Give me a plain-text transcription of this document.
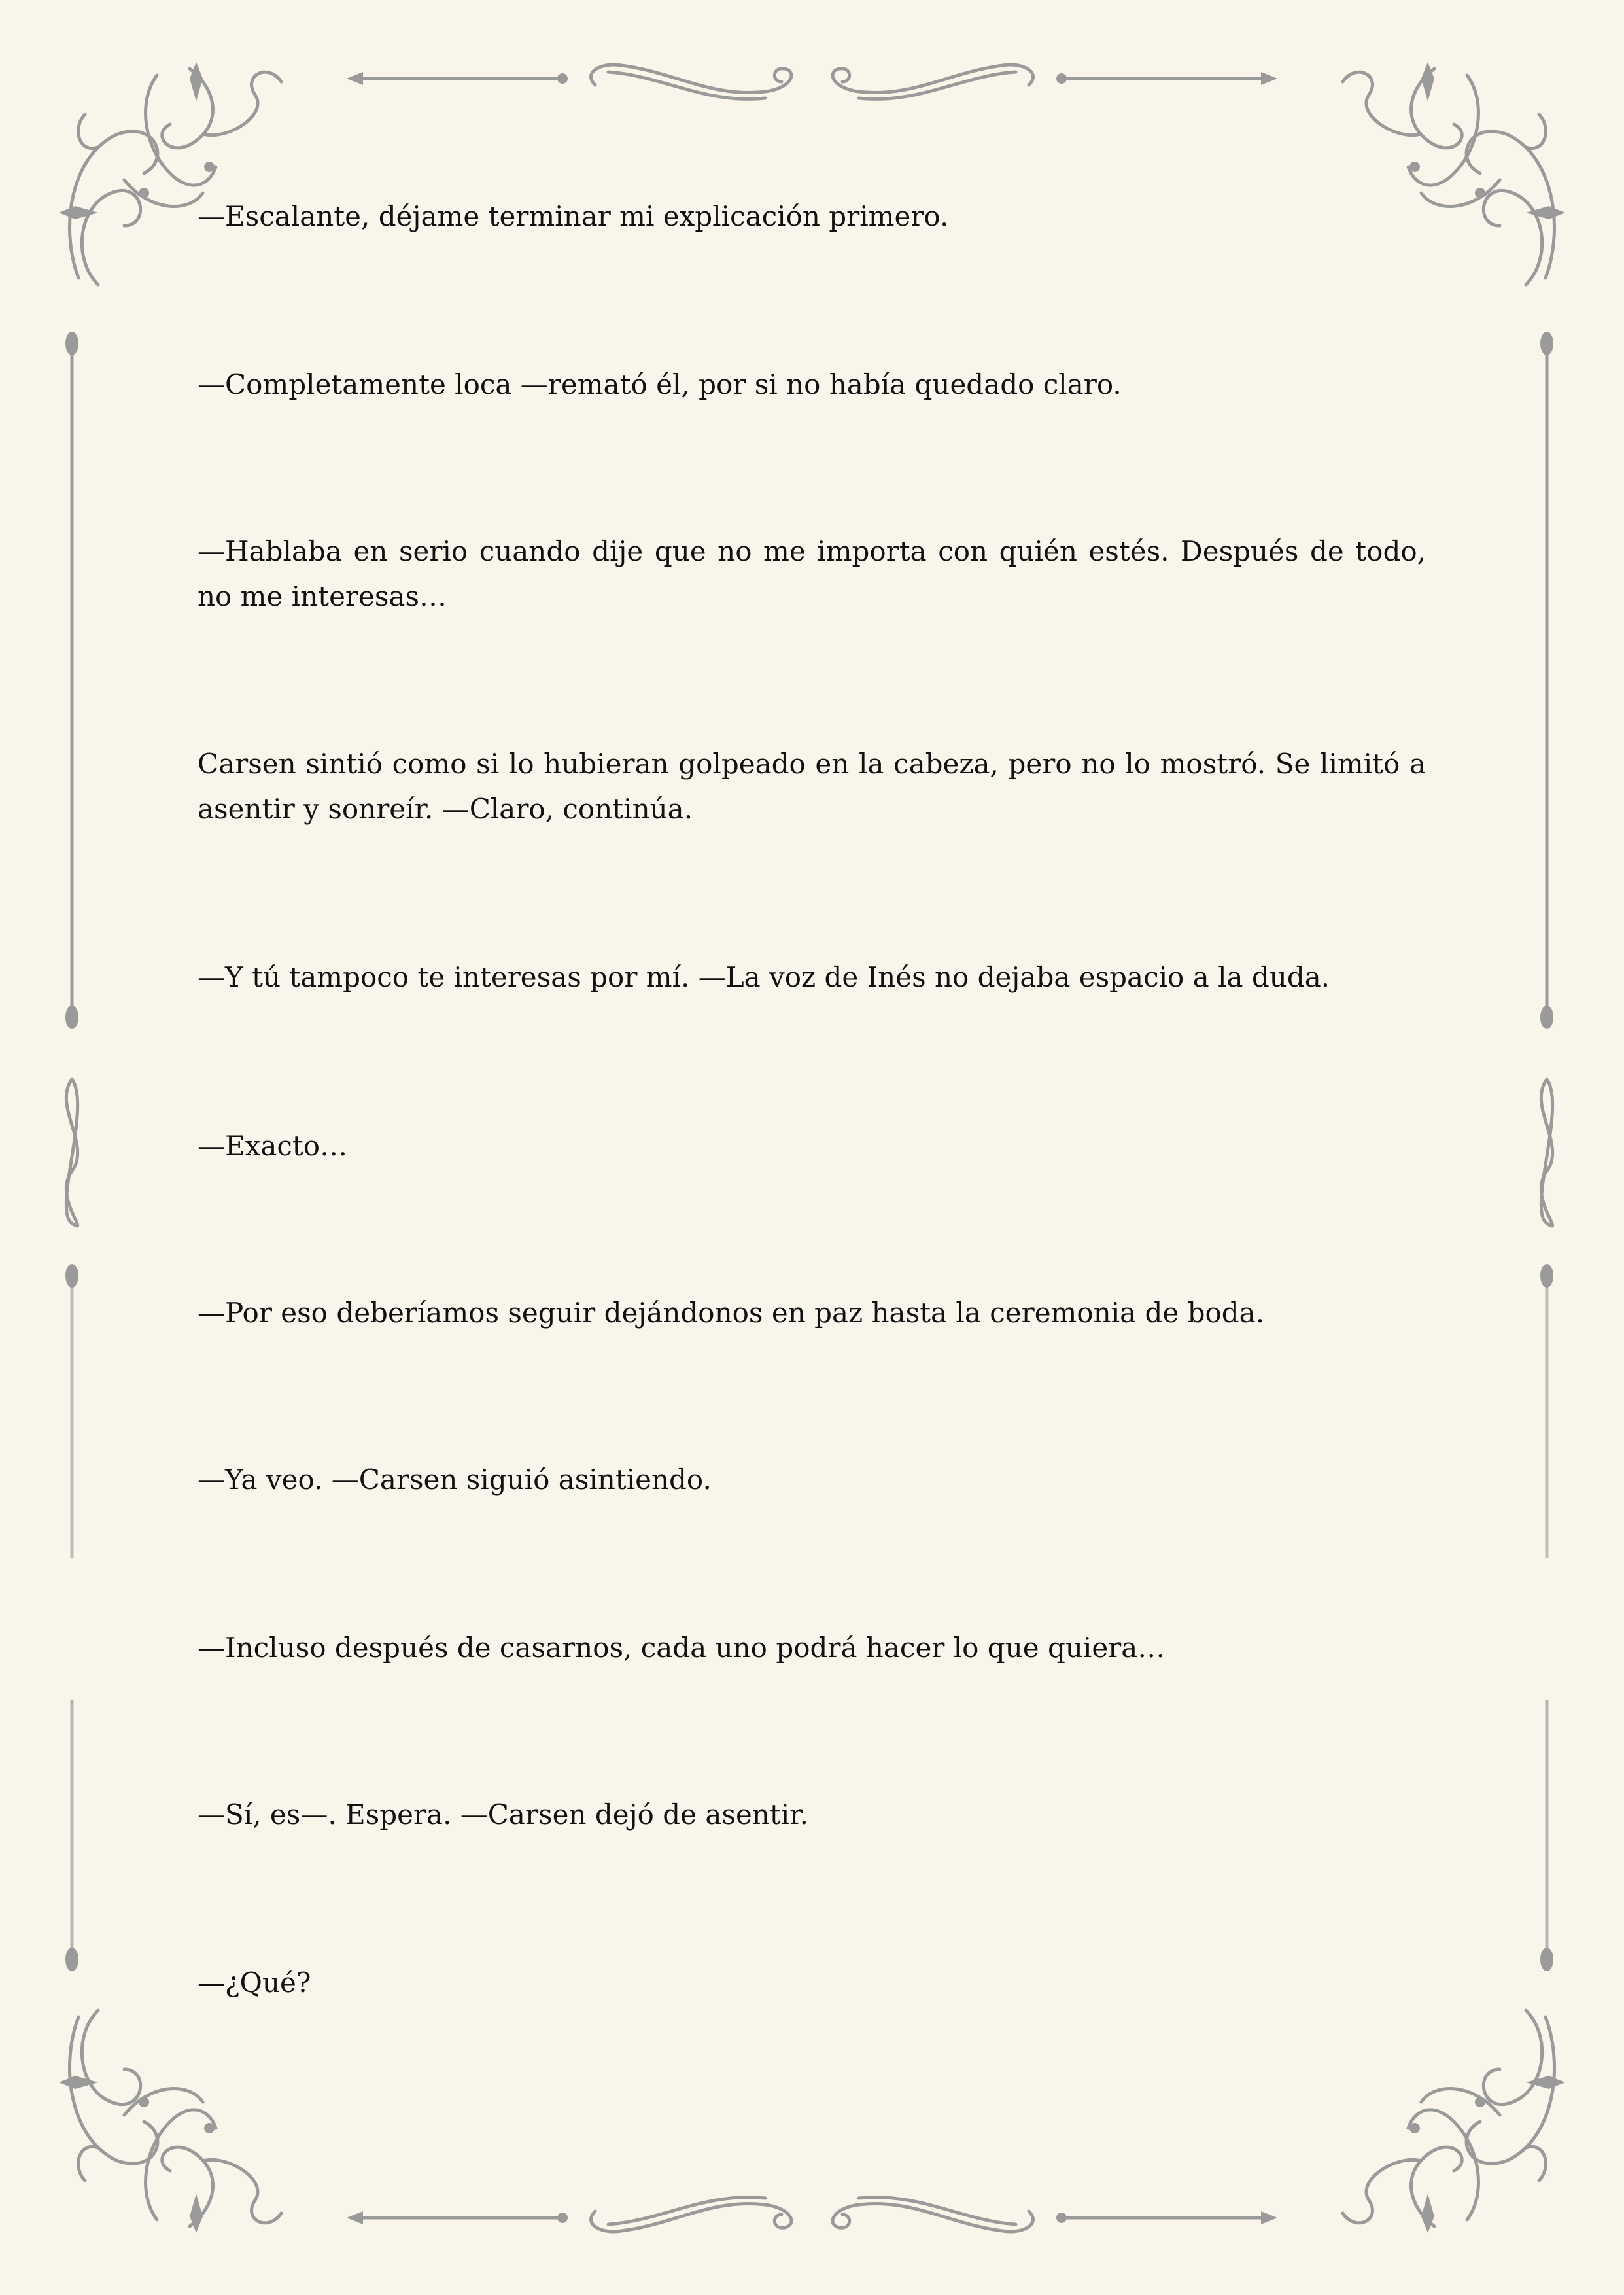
—Escalante, déjame terminar mi explicación primero.

—Completamente loca —remató él, por si no había quedado claro.

—Hablaba en serio cuando dije que no me importa con quién estés. Después de todo, no me interesas…

Carsen sintió como si lo hubieran golpeado en la cabeza, pero no lo mostró. Se limitó a asentir y sonreír. —Claro, continúa.

—Y tú tampoco te interesas por mí. —La voz de Inés no dejaba espacio a la duda.

—Exacto…

—Por eso deberíamos seguir dejándonos en paz hasta la ceremonia de boda.

—Ya veo. —Carsen siguió asintiendo.

—Incluso después de casarnos, cada uno podrá hacer lo que quiera…

—Sí, es—. Espera. —Carsen dejó de asentir.

—¿Qué?
